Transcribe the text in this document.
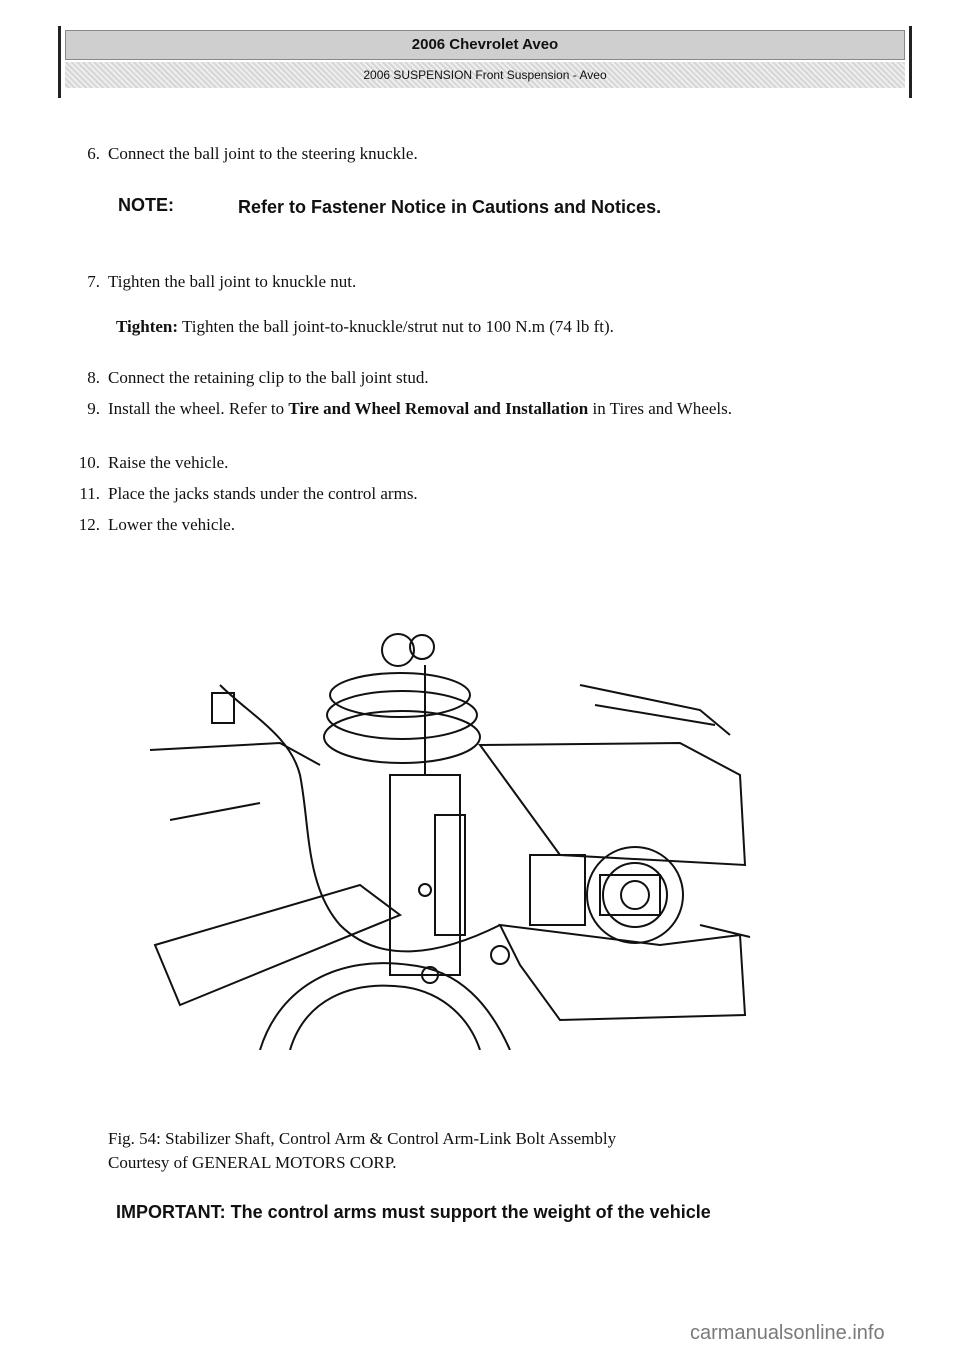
2006 Chevrolet Aveo
2006 SUSPENSION Front Suspension - Aveo
6. Connect the ball joint to the steering knuckle.
NOTE:	Refer to Fastener Notice in Cautions and Notices.
7. Tighten the ball joint to knuckle nut.
Tighten: Tighten the ball joint-to-knuckle/strut nut to 100 N.m (74 lb ft).
8. Connect the retaining clip to the ball joint stud.
9. Install the wheel. Refer to Tire and Wheel Removal and Installation in Tires and Wheels.
10. Raise the vehicle.
11. Place the jacks stands under the control arms.
12. Lower the vehicle.
Fig. 54: Stabilizer Shaft, Control Arm & Control Arm-Link Bolt Assembly
Courtesy of GENERAL MOTORS CORP.
IMPORTANT: The control arms must support the weight of the vehicle
carmanualsonline.info
